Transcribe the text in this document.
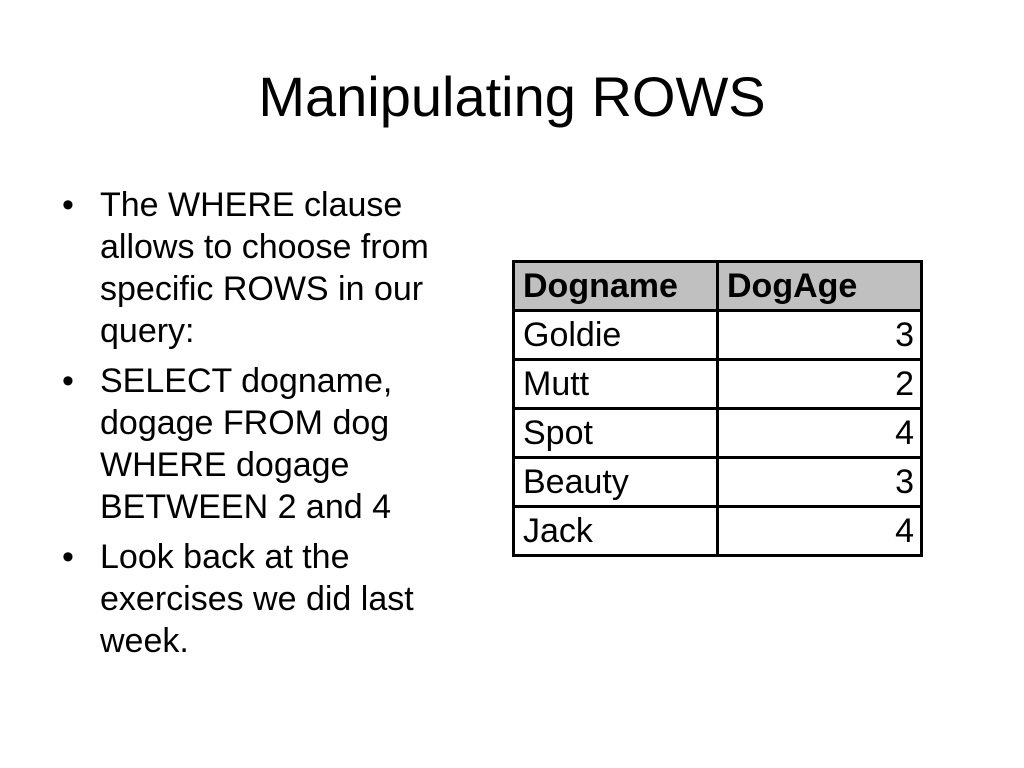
Manipulating ROWS
• The WHERE clause allows to choose from specific ROWS in our query:
• SELECT dogname, dogage FROM dog WHERE dogage BETWEEN 2 and 4
• Look back at the exercises we did last week.
Dogname	DogAge
Goldie	3
Mutt	2
Spot	4
Beauty	3
Jack	4
